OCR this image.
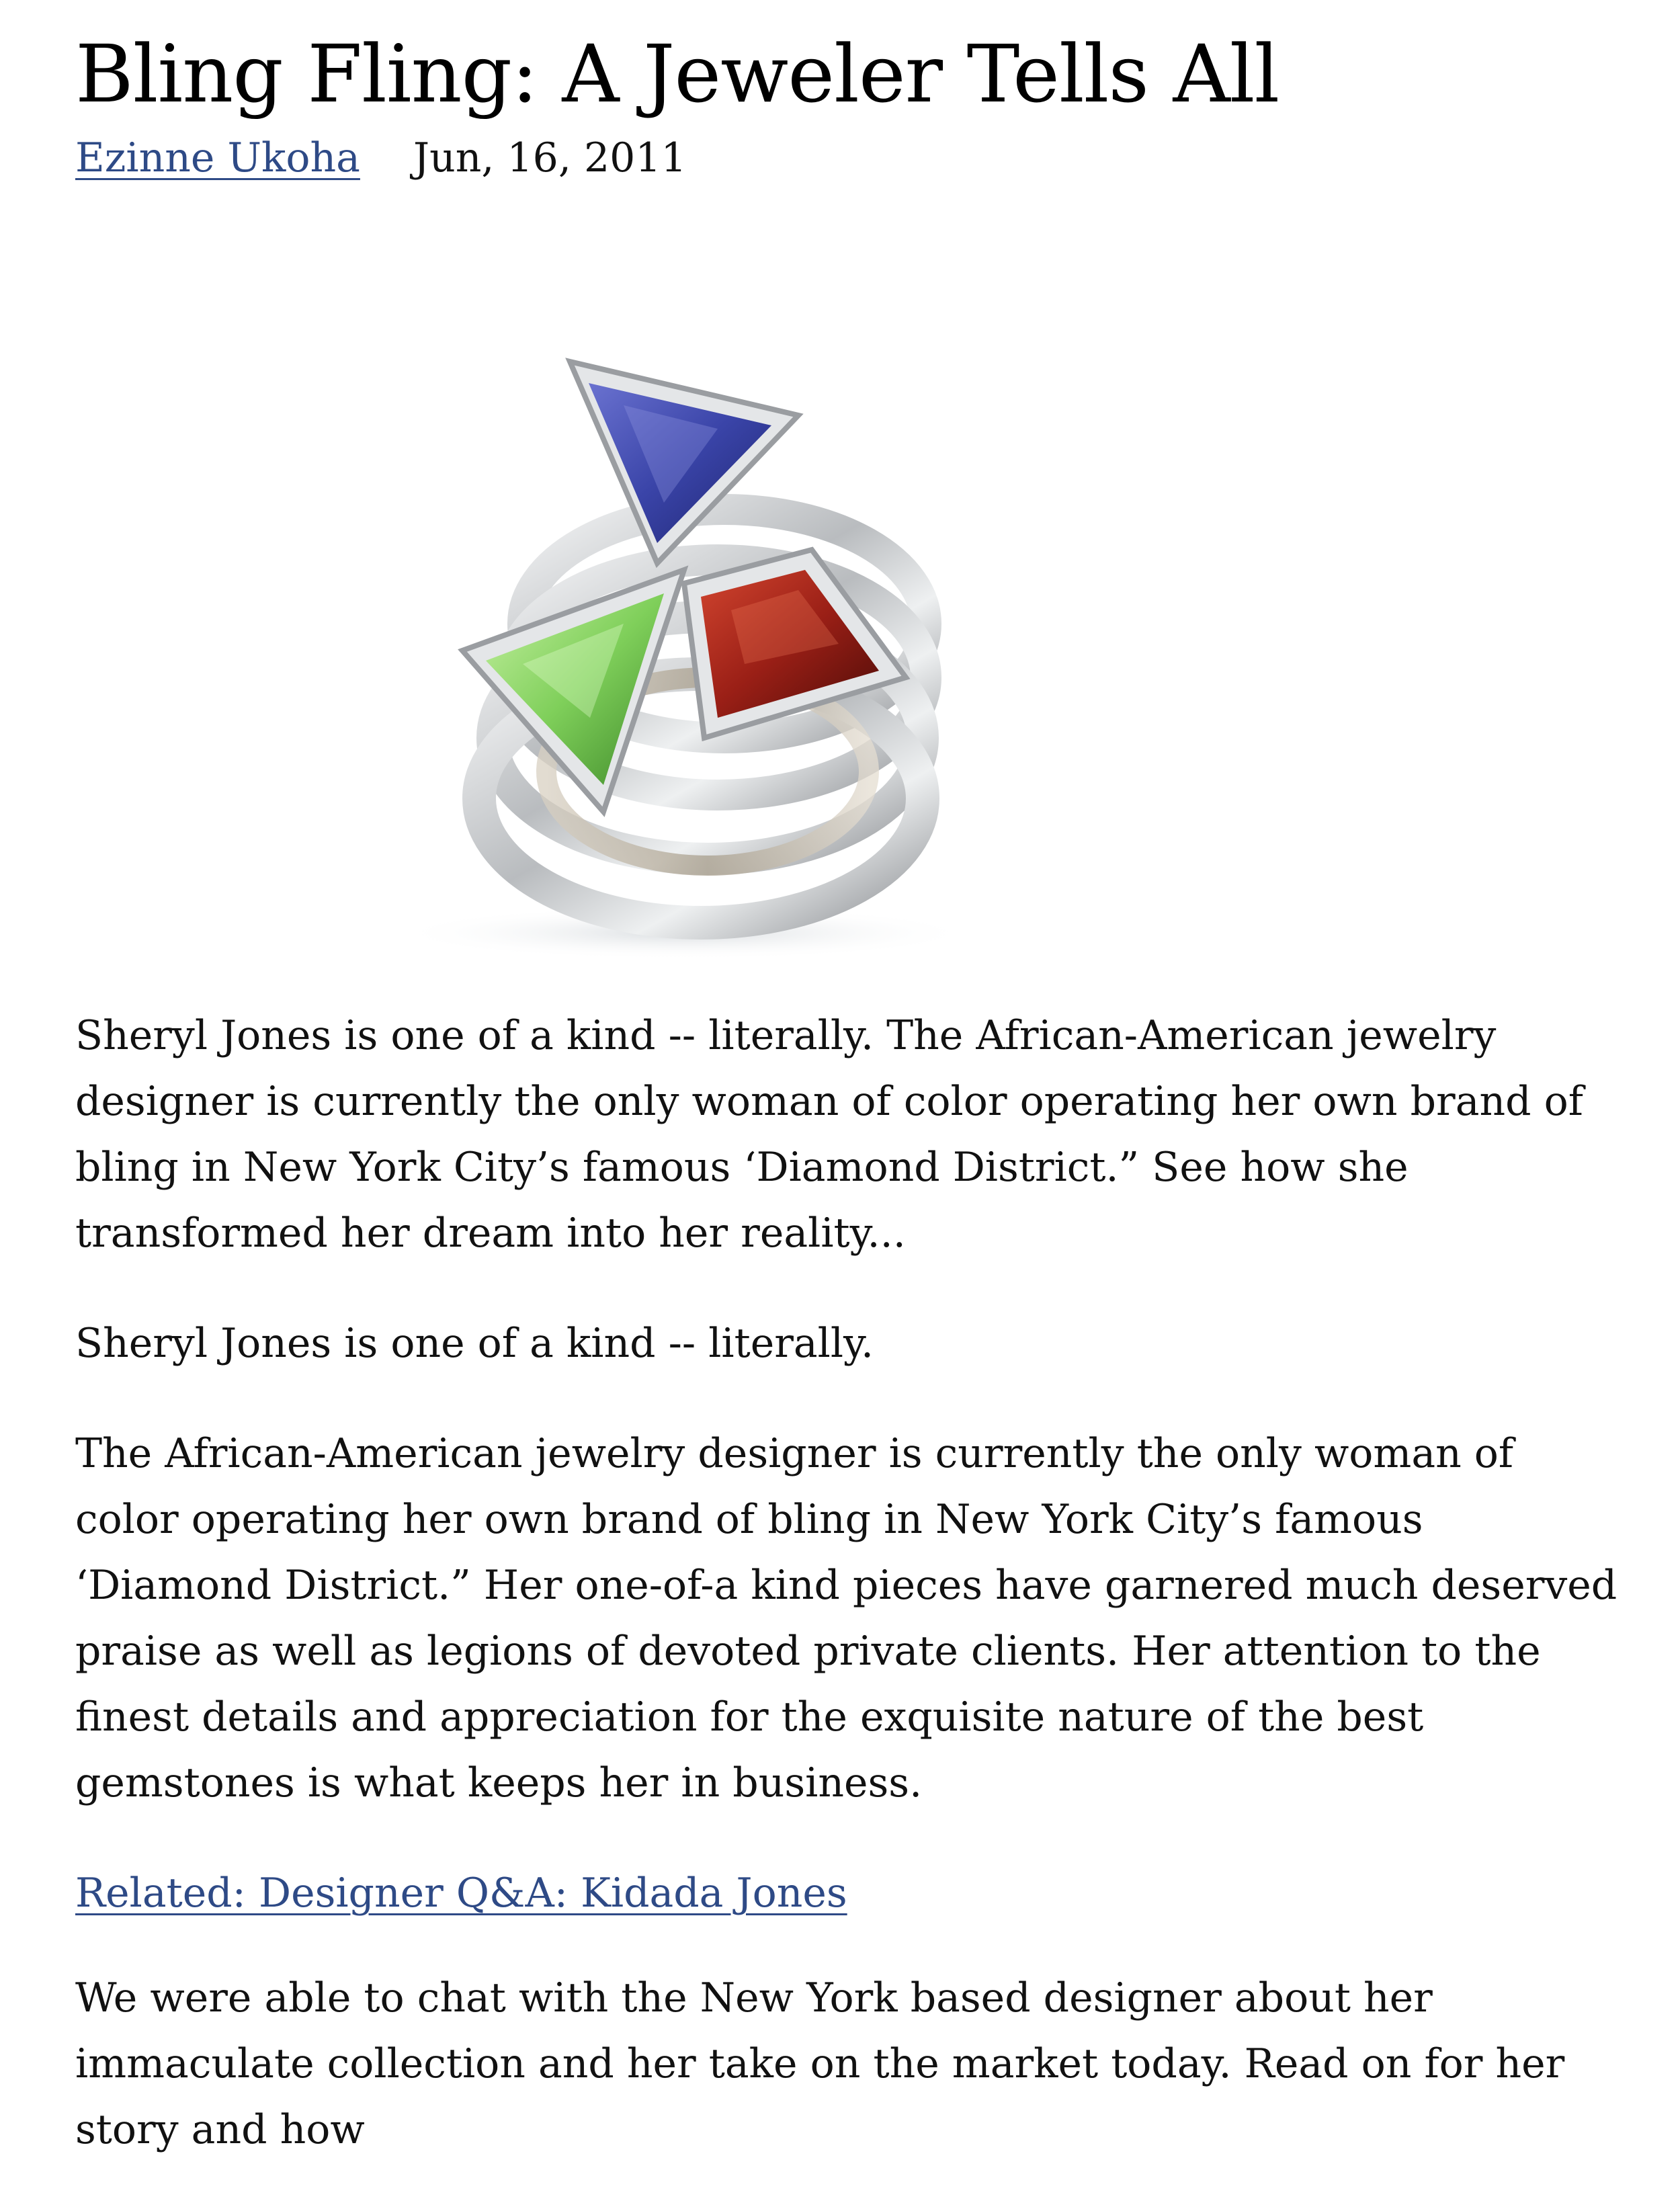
Bling Fling: A Jeweler Tells All
Ezinne Ukoha Jun, 16, 2011

Sheryl Jones is one of a kind -- literally. The African-American jewelry designer is currently the only woman of color operating her own brand of bling in New York City’s famous ‘Diamond District.” See how she transformed her dream into her reality...

Sheryl Jones is one of a kind -- literally.

The African-American jewelry designer is currently the only woman of color operating her own brand of bling in New York City’s famous ‘Diamond District.” Her one-of-a kind pieces have garnered much deserved praise as well as legions of devoted private clients. Her attention to the finest details and appreciation for the exquisite nature of the best gemstones is what keeps her in business.

Related: Designer Q&A: Kidada Jones

We were able to chat with the New York based designer about her immaculate collection and her take on the market today. Read on for her story and how
